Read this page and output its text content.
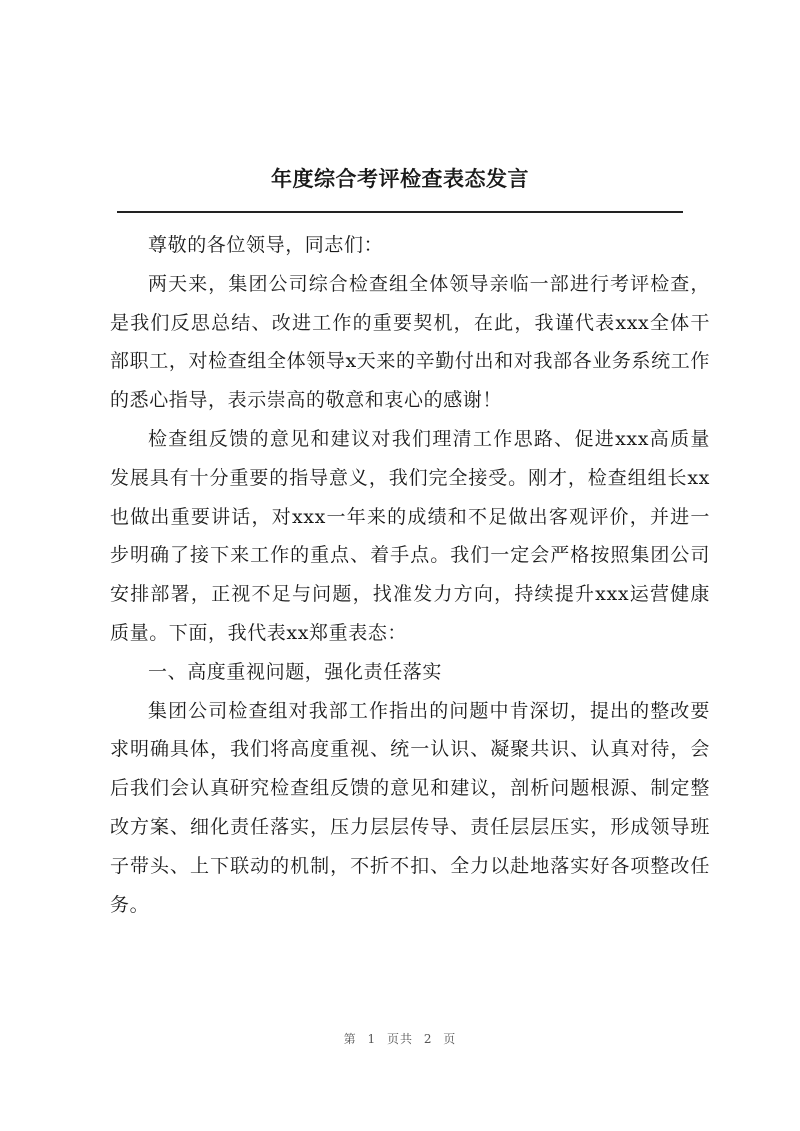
年度综合考评检查表态发言

尊敬的各位领导，同志们：

两天来，集团公司综合检查组全体领导亲临一部进行考评检查，是我们反思总结、改进工作的重要契机，在此，我谨代表xxx全体干部职工，对检查组全体领导x天来的辛勤付出和对我部各业务系统工作的悉心指导，表示崇高的敬意和衷心的感谢！

检查组反馈的意见和建议对我们理清工作思路、促进xxx高质量发展具有十分重要的指导意义，我们完全接受。刚才，检查组组长xx也做出重要讲话，对xxx一年来的成绩和不足做出客观评价，并进一步明确了接下来工作的重点、着手点。我们一定会严格按照集团公司安排部署，正视不足与问题，找准发力方向，持续提升xxx运营健康质量。下面，我代表xx郑重表态：

一、高度重视问题，强化责任落实

集团公司检查组对我部工作指出的问题中肯深切，提出的整改要求明确具体，我们将高度重视、统一认识、凝聚共识、认真对待，会后我们会认真研究检查组反馈的意见和建议，剖析问题根源、制定整改方案、细化责任落实，压力层层传导、责任层层压实，形成领导班子带头、上下联动的机制，不折不扣、全力以赴地落实好各项整改任务。

第 1 页共 2 页
